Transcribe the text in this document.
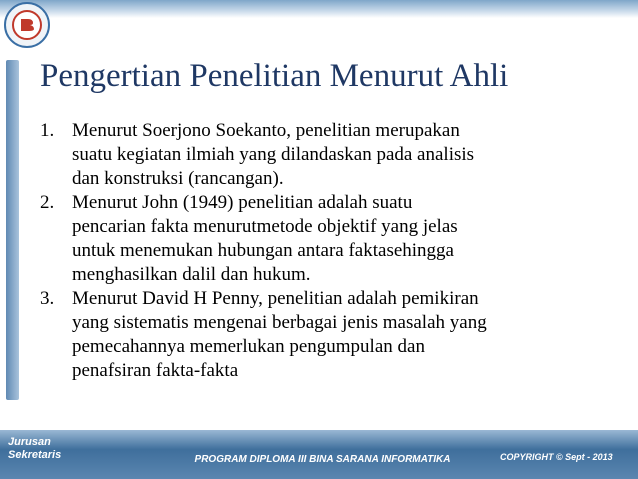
Pengertian Penelitian Menurut Ahli
1. Menurut Soerjono Soekanto, penelitian merupakan
suatu kegiatan ilmiah yang dilandaskan pada analisis
dan konstruksi (rancangan).
2. Menurut John (1949) penelitian adalah suatu
pencarian fakta menurutmetode objektif yang jelas
untuk menemukan hubungan antara faktasehingga
menghasilkan dalil dan hukum.
3. Menurut David H Penny, penelitian adalah pemikiran
yang sistematis mengenai berbagai jenis masalah yang
pemecahannya memerlukan pengumpulan dan
penafsiran fakta-fakta
Jurusan
Sekretaris	PROGRAM DIPLOMA III BINA SARANA INFORMATIKA	COPYRIGHT © Sept - 2013
